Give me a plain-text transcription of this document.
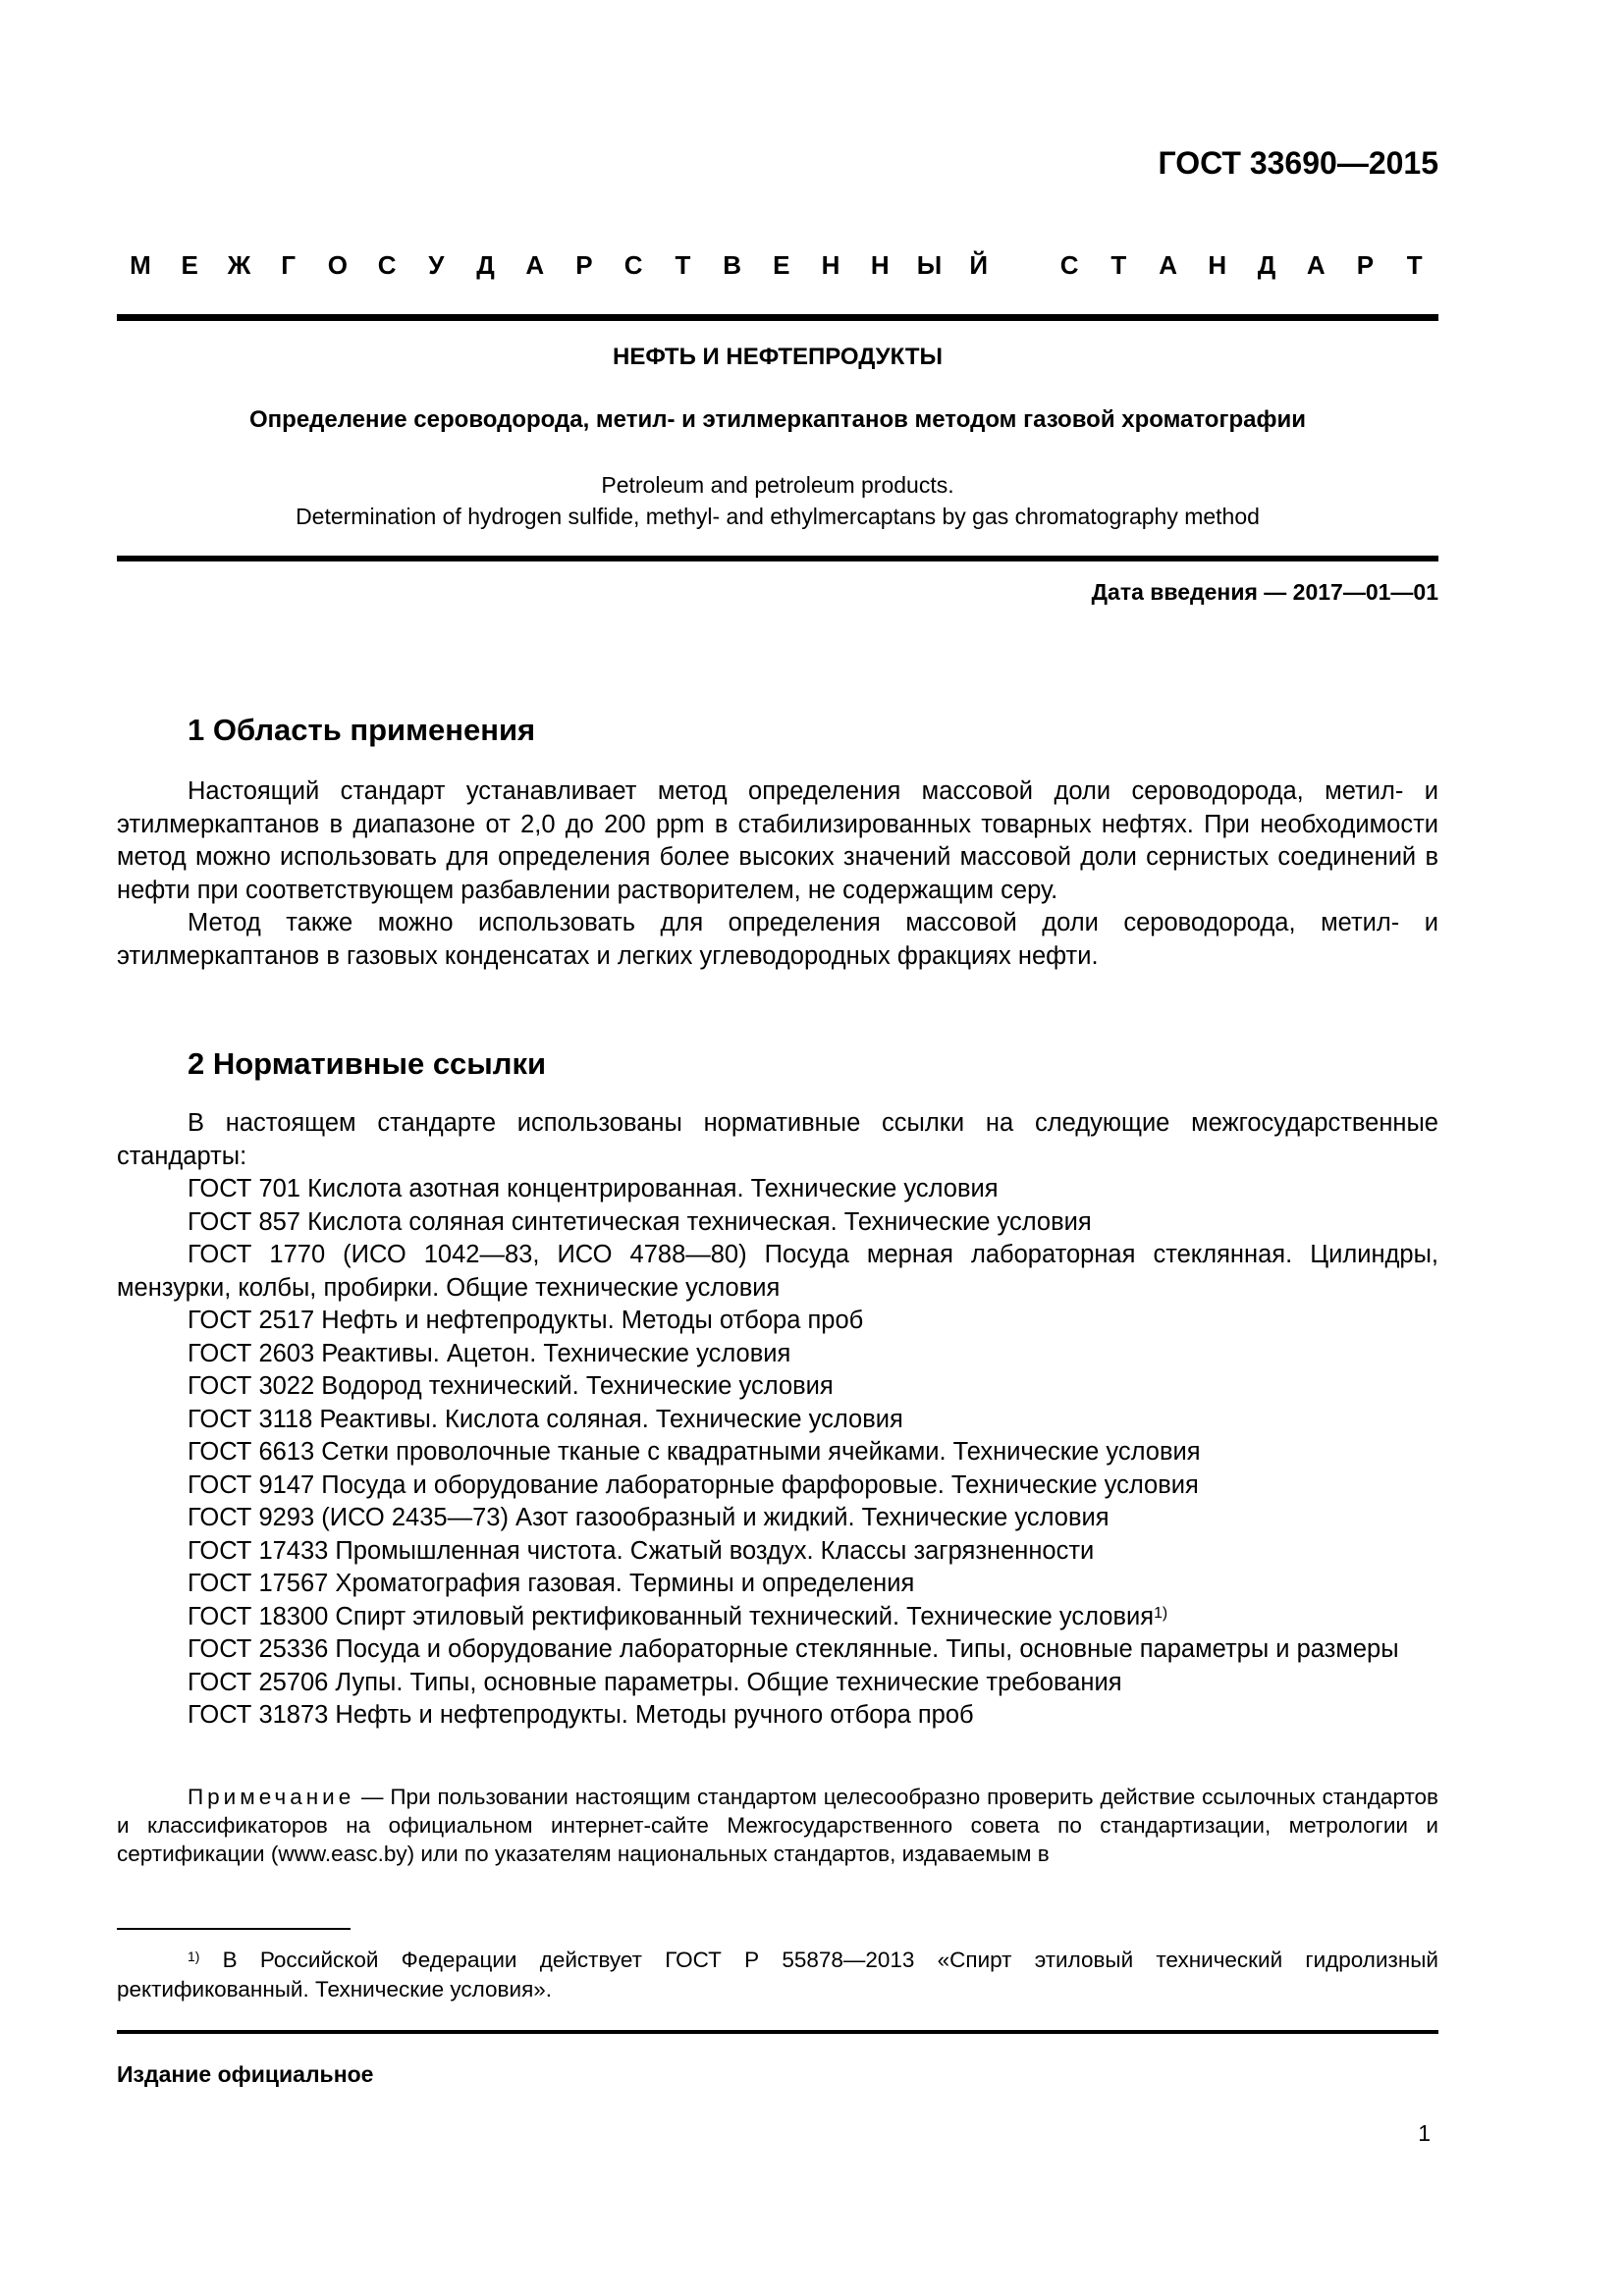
ГОСТ 33690—2015
М	Е	Ж	Г	О	С	У	Д	А	Р	С	Т	В	Е	Н	Н	Ы	Й	С	Т	А	Н	Д	А	Р	Т
НЕФТЬ И НЕФТЕПРОДУКТЫ
Определение сероводорода, метил- и этилмеркаптанов методом газовой хроматографии
Petroleum and petroleum products.
Determination of hydrogen sulfide, methyl- and ethylmercaptans by gas chromatography method
Дата введения — 2017—01—01
1 Область применения

Настоящий стандарт устанавливает метод определения массовой доли сероводорода, метил- и этилмеркаптанов в диапазоне от 2,0 до 200 ppm в стабилизированных товарных нефтях. При необходимости метод можно использовать для определения более высоких значений массовой доли сернистых соединений в нефти при соответствующем разбавлении растворителем, не содержащим серу.

Метод также можно использовать для определения массовой доли сероводорода, метил- и этилмеркаптанов в газовых конденсатах и легких углеводородных фракциях нефти.

2 Нормативные ссылки

В настоящем стандарте использованы нормативные ссылки на следующие межгосударственные стандарты:

ГОСТ 701 Кислота азотная концентрированная. Технические условия

ГОСТ 857 Кислота соляная синтетическая техническая. Технические условия

ГОСТ 1770 (ИСО 1042—83, ИСО 4788—80) Посуда мерная лабораторная стеклянная. Цилиндры, мензурки, колбы, пробирки. Общие технические условия

ГОСТ 2517 Нефть и нефтепродукты. Методы отбора проб

ГОСТ 2603 Реактивы. Ацетон. Технические условия

ГОСТ 3022 Водород технический. Технические условия

ГОСТ 3118 Реактивы. Кислота соляная. Технические условия

ГОСТ 6613 Сетки проволочные тканые с квадратными ячейками. Технические условия

ГОСТ 9147 Посуда и оборудование лабораторные фарфоровые. Технические условия

ГОСТ 9293 (ИСО 2435—73) Азот газообразный и жидкий. Технические условия

ГОСТ 17433 Промышленная чистота. Сжатый воздух. Классы загрязненности

ГОСТ 17567 Хроматография газовая. Термины и определения

ГОСТ 18300 Спирт этиловый ректификованный технический. Технические условия$^{1)}$

ГОСТ 25336 Посуда и оборудование лабораторные стеклянные. Типы, основные параметры и размеры

ГОСТ 25706 Лупы. Типы, основные параметры. Общие технические требования

ГОСТ 31873 Нефть и нефтепродукты. Методы ручного отбора проб

Примечание — При пользовании настоящим стандартом целесообразно проверить действие ссылочных стандартов и классификаторов на официальном интернет-сайте Межгосударственного совета по стандартизации, метрологии и сертификации (www.easc.by) или по указателям национальных стандартов, издаваемым в

$^{1)}$ В Российской Федерации действует ГОСТ Р 55878—2013 «Спирт этиловый технический гидролизный ректификованный. Технические условия».

Издание официальное
1
